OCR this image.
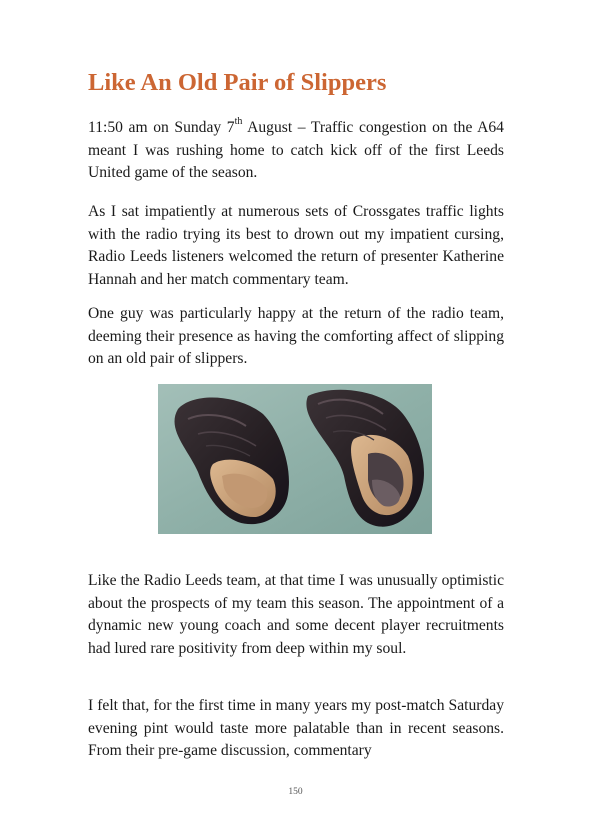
Like An Old Pair of Slippers

11:50 am on Sunday 7th August – Traffic congestion on the A64 meant I was rushing home to catch kick off of the first Leeds United game of the season.

As I sat impatiently at numerous sets of Crossgates traffic lights with the radio trying its best to drown out my impatient cursing, Radio Leeds listeners welcomed the return of presenter Katherine Hannah and her match commentary team.

One guy was particularly happy at the return of the radio team, deeming their presence as having the comforting affect of slipping on an old pair of slippers.

Like the Radio Leeds team, at that time I was unusually optimistic about the prospects of my team this season. The appointment of a dynamic new young coach and some decent player recruitments had lured rare positivity from deep within my soul.

I felt that, for the first time in many years my post-match Saturday evening pint would taste more palatable than in recent seasons. From their pre-game discussion, commentary

150
